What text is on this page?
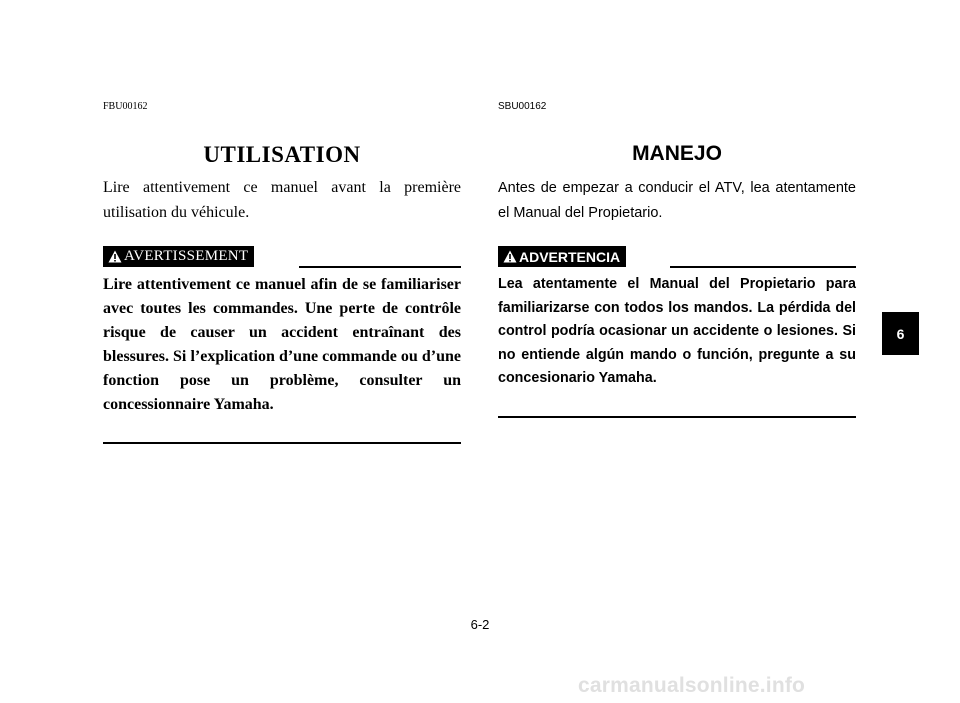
FBU00162
UTILISATION
Lire attentivement ce manuel avant la première utilisation du véhicule.
AVERTISSEMENT
Lire attentivement ce manuel afin de se familiariser avec toutes les commandes. Une perte de contrôle risque de causer un accident entraînant des blessures. Si l’explication d’une commande ou d’une fonction pose un problème, consulter un concessionnaire Yamaha.
SBU00162
MANEJO
Antes de empezar a conducir el ATV, lea atentamente el Manual del Propietario.
ADVERTENCIA
Lea atentamente el Manual del Propietario para familiarizarse con todos los mandos. La pérdida del control podría ocasionar un accidente o lesiones. Si no entiende algún mando o función, pregunte a su concesionario Yamaha.
6
6-2
carmanualsonline.info
